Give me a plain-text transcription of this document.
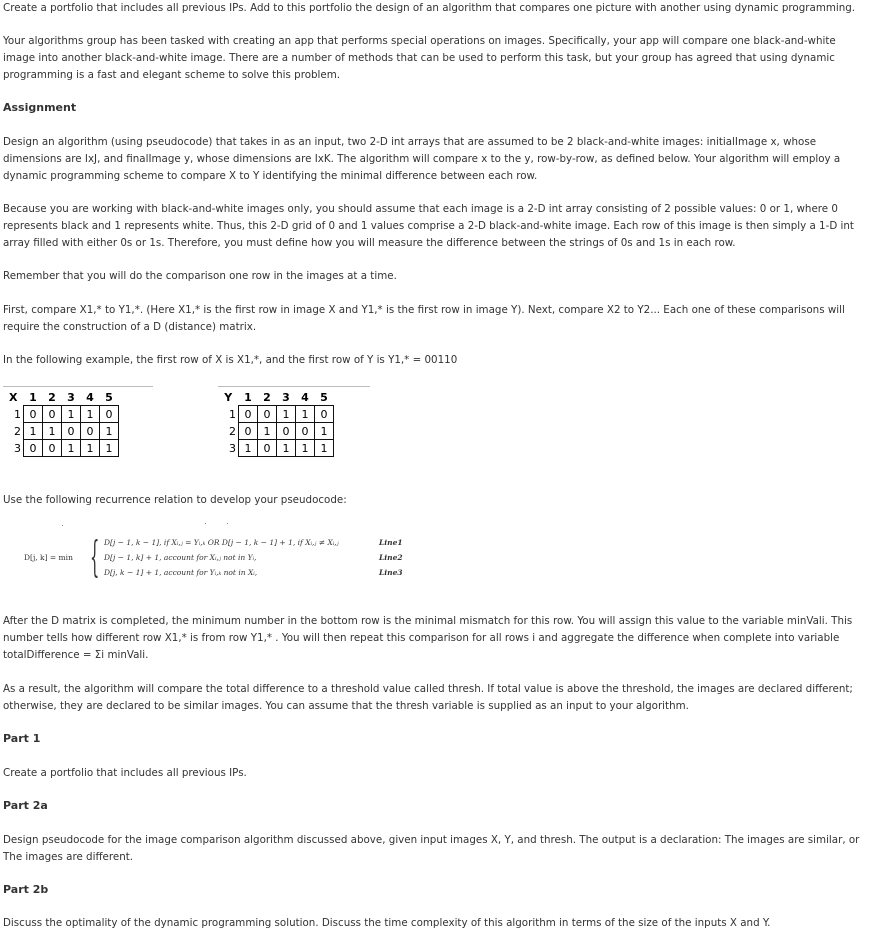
Create a portfolio that includes all previous IPs. Add to this portfolio the design of an algorithm that compares one picture with another using dynamic programming.

Your algorithms group has been tasked with creating an app that performs special operations on images. Specifically, your app will compare one black-and-white image into another black-and-white image. There are a number of methods that can be used to perform this task, but your group has agreed that using dynamic programming is a fast and elegant scheme to solve this problem.

Assignment

Design an algorithm (using pseudocode) that takes in as an input, two 2-D int arrays that are assumed to be 2 black-and-white images: initialImage x, whose dimensions are IxJ, and finalImage y, whose dimensions are IxK. The algorithm will compare x to the y, row-by-row, as defined below. Your algorithm will employ a dynamic programming scheme to compare X to Y identifying the minimal difference between each row.

Because you are working with black-and-white images only, you should assume that each image is a 2-D int array consisting of 2 possible values: 0 or 1, where 0 represents black and 1 represents white. Thus, this 2-D grid of 0 and 1 values comprise a 2-D black-and-white image. Each row of this image is then simply a 1-D int array filled with either 0s or 1s. Therefore, you must define how you will measure the difference between the strings of 0s and 1s in each row.

Remember that you will do the comparison one row in the images at a time.

First, compare X1,* to Y1,*. (Here X1,* is the first row in image X and Y1,* is the first row in image Y). Next, compare X2 to Y2... Each one of these comparisons will require the construction of a D (distance) matrix.

In the following example, the first row of X is X1,*, and the first row of Y is Y1,* = 00110

X	1	2	3	4	5
1	0	0	1	1	0
2	1	1	0	0	1
3	0	0	1	1	1
Y	1	2	3	4	5
1	0	0	1	1	0
2	0	1	0	0	1
3	1	0	1	1	1

Use the following recurrence relation to develop your pseudocode:

D[j, k] = min { D[j − 1, k − 1], if Xᵢ,ⱼ = Yᵢ,ₖ OR D[j − 1, k − 1] + 1, if Xᵢ,ⱼ ≠ Xᵢ,ⱼ
D[j − 1, k] + 1, account for Xᵢ,ⱼ not in Yᵢ,
D[j, k − 1] + 1, account for Yᵢ,ₖ not in Xᵢ,
Line1
Line2
Line3

After the D matrix is completed, the minimum number in the bottom row is the minimal mismatch for this row. You will assign this value to the variable minVali. This number tells how different row X1,* is from row Y1,* . You will then repeat this comparison for all rows i and aggregate the difference when complete into variable totalDifference = Σi minVali.

As a result, the algorithm will compare the total difference to a threshold value called thresh. If total value is above the threshold, the images are declared different; otherwise, they are declared to be similar images. You can assume that the thresh variable is supplied as an input to your algorithm.

Part 1

Create a portfolio that includes all previous IPs.

Part 2a

Design pseudocode for the image comparison algorithm discussed above, given input images X, Y, and thresh. The output is a declaration: The images are similar, or The images are different.

Part 2b

Discuss the optimality of the dynamic programming solution. Discuss the time complexity of this algorithm in terms of the size of the inputs X and Y.
